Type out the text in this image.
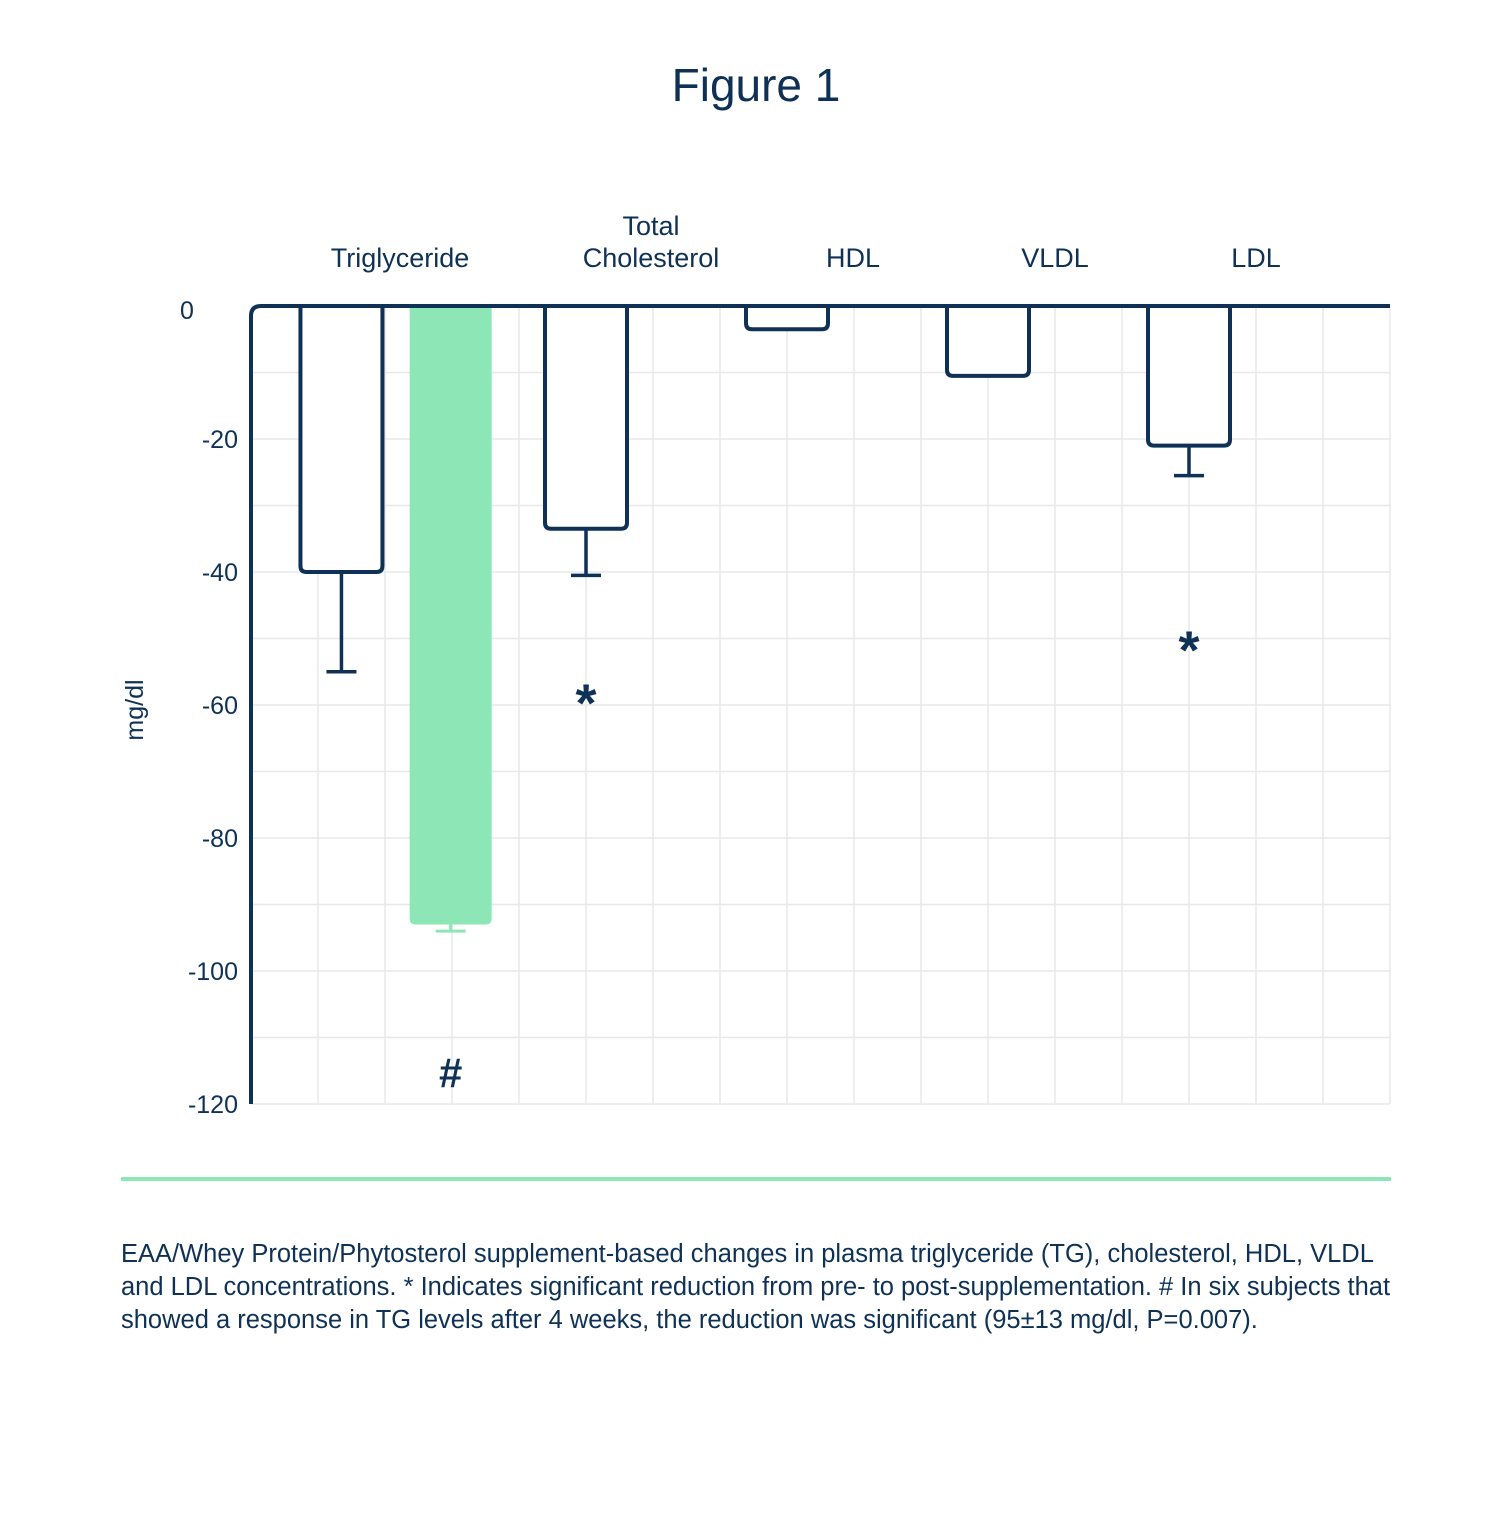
Figure 1
#
*
*
0
-20
-40
-60
-80
-100
-120
mg/dl
Triglyceride
Total
Cholesterol	HDL	VLDL	LDL

EAA/Whey Protein/Phytosterol supplement-based changes in plasma triglyceride (TG), cholesterol, HDL, VLDL and LDL concentrations. * Indicates significant reduction from pre- to post-supplementation. # In six subjects that showed a response in TG levels after 4 weeks, the reduction was significant (95±13 mg/dl, P=0.007).
